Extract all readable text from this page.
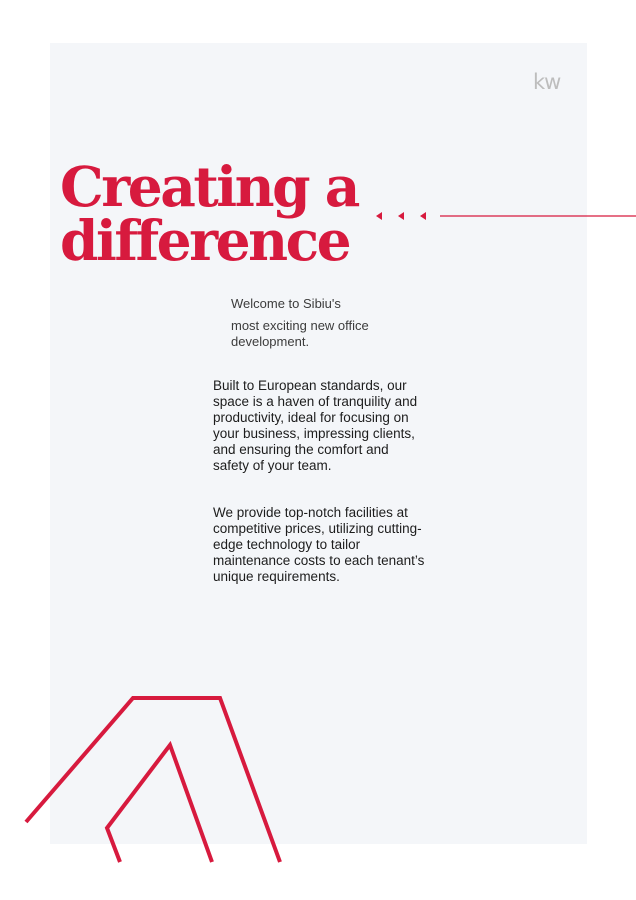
kw
Creating a
difference
Welcome to Sibiu's
most exciting new office development.

Built to European standards, our space is a haven of tranquility and productivity, ideal for focusing on your business, impressing clients, and ensuring the comfort and safety of your team.

We provide top-notch facilities at competitive prices, utilizing cutting-edge technology to tailor maintenance costs to each tenant’s unique requirements.
